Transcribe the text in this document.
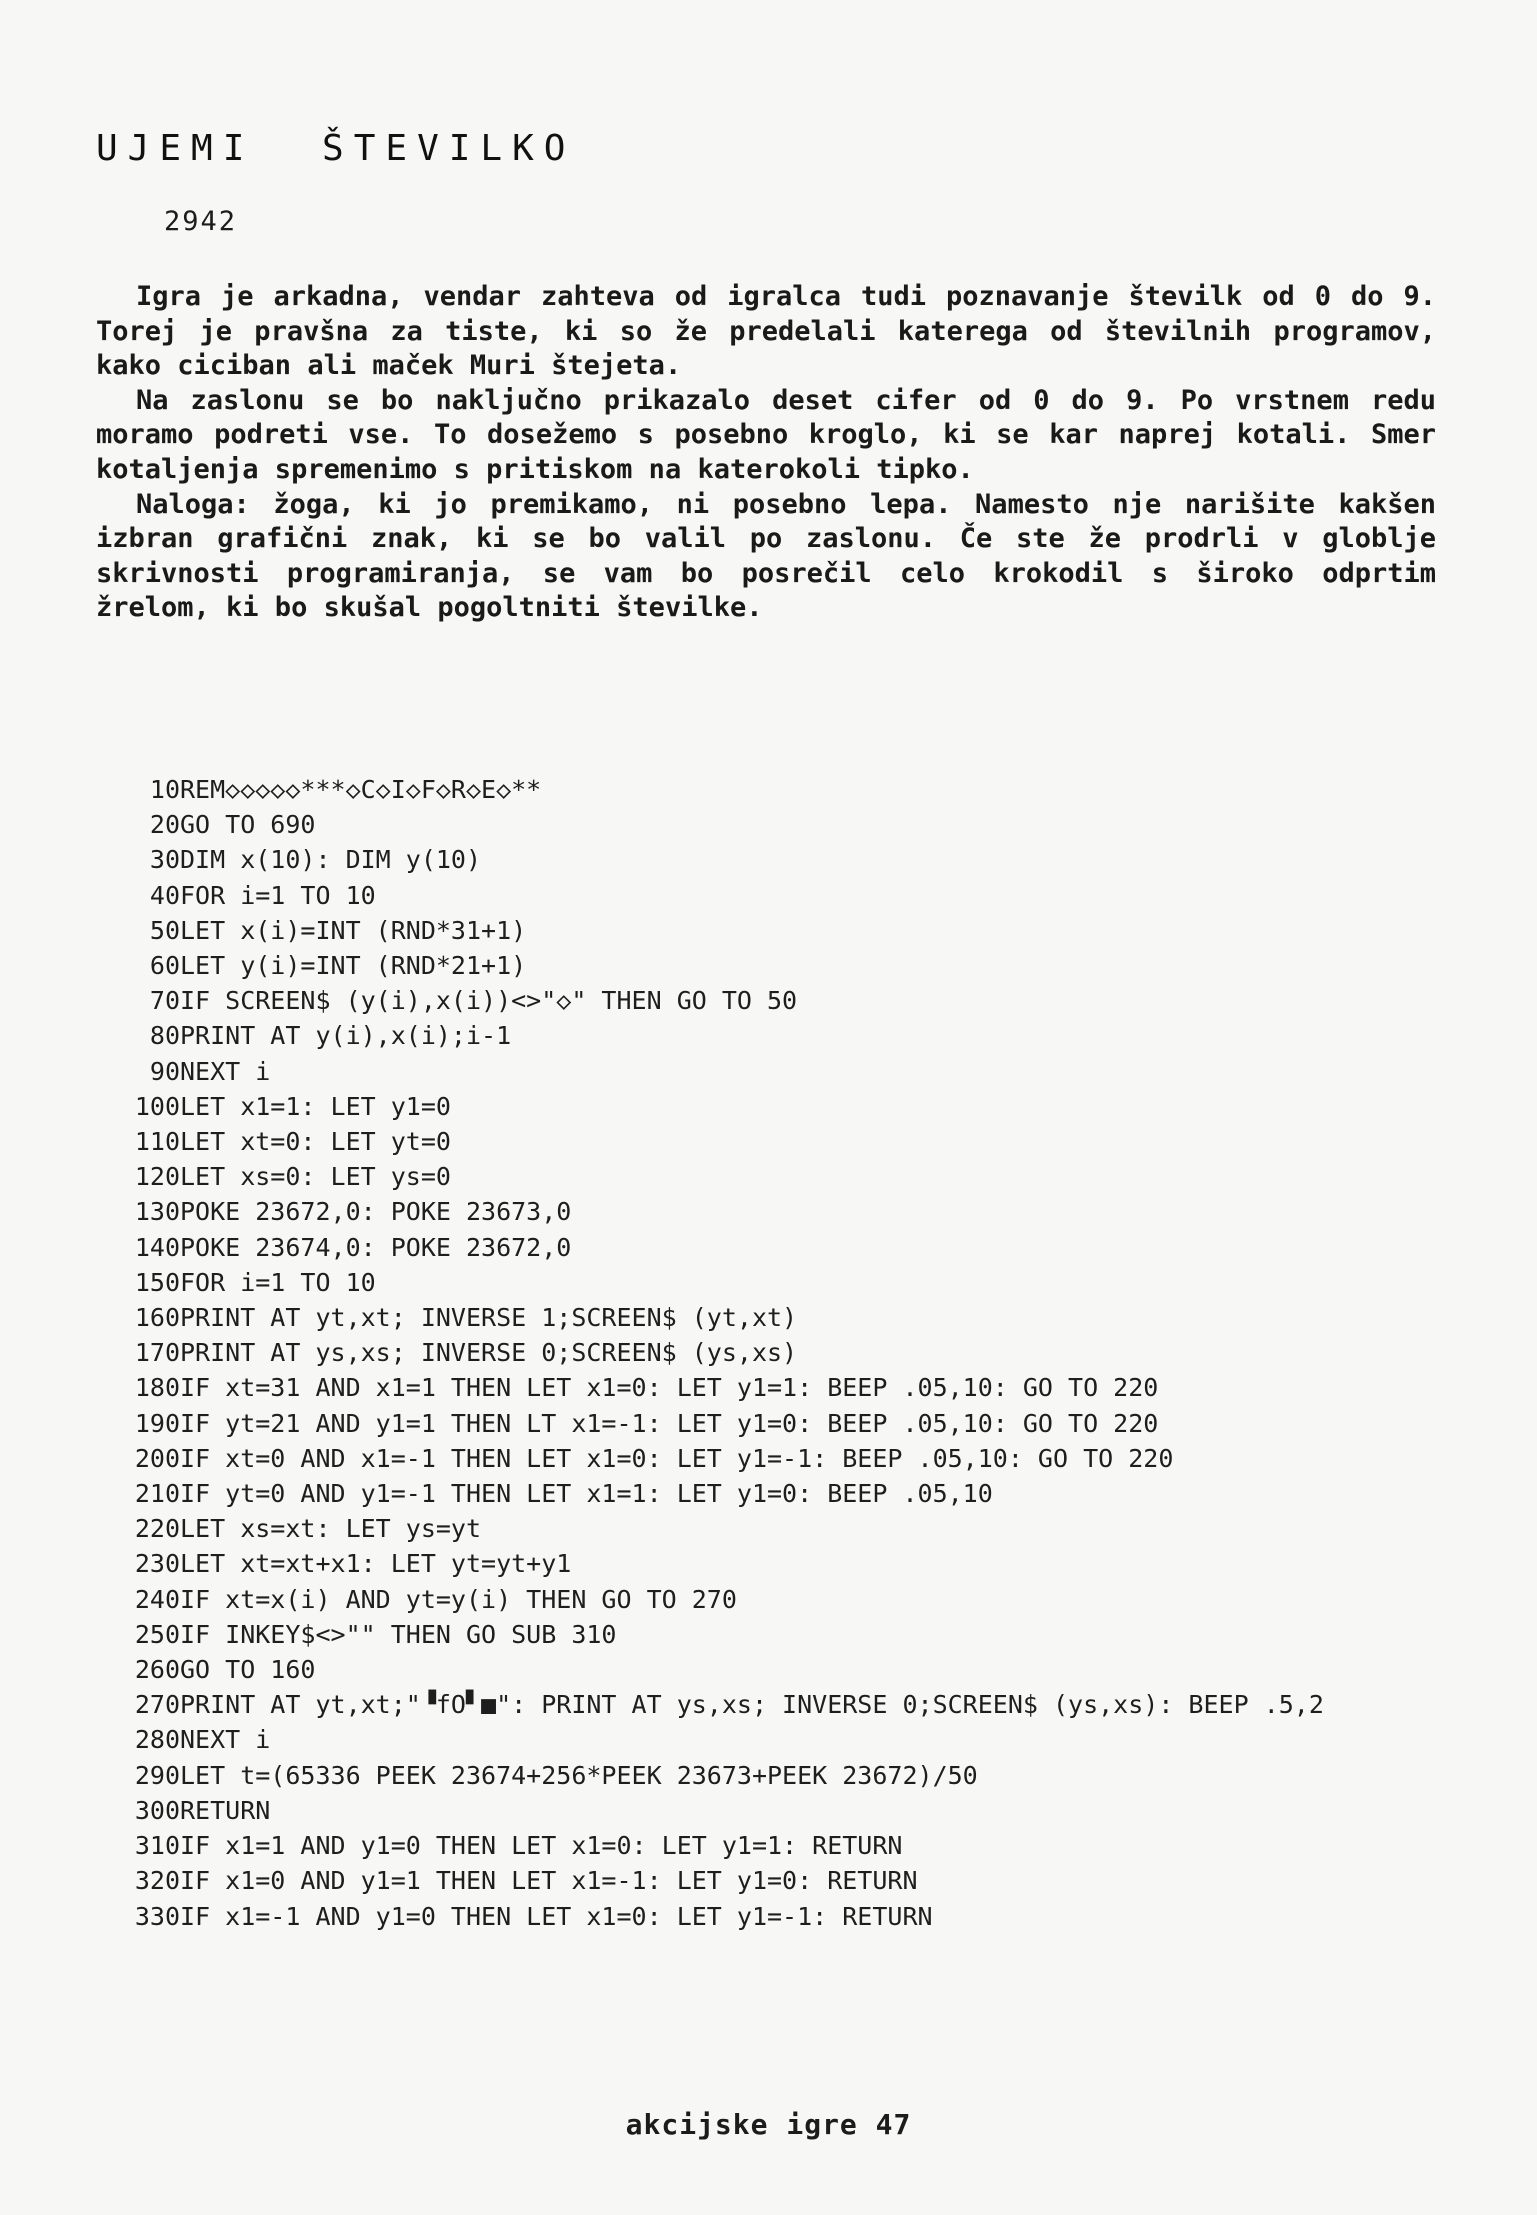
UJEMI ŠTEVILKO
2942

Igra je arkadna, vendar zahteva od igralca tudi poznavanje številk od 0 do 9. Torej je pravšna za tiste, ki so že predelali katerega od številnih programov, kako ciciban ali maček Muri štejeta.

Na zaslonu se bo naključno prikazalo deset cifer od 0 do 9. Po vrstnem redu moramo podreti vse. To dosežemo s posebno kroglo, ki se kar naprej kotali. Smer kotaljenja spremenimo s pritiskom na katerokoli tipko.

Naloga: žoga, ki jo premikamo, ni posebno lepa. Namesto nje narišite kakšen izbran grafični znak, ki se bo valil po zaslonu. Če ste že prodrli v globlje skrivnosti programiranja, se vam bo posrečil celo krokodil s široko odprtim žrelom, ki bo skušal pogoltniti številke.

10 REM◇◇◇◇◇***◇C◇I◇F◇R◇E◇**
20 GO TO 690
30 DIM x(10): DIM y(10)
40 FOR i=1 TO 10
50 LET x(i)=INT (RND*31+1)
60 LET y(i)=INT (RND*21+1)
70 IF SCREEN$ (y(i),x(i))<>"◇" THEN GO TO 50
80 PRINT AT y(i),x(i);i-1
90 NEXT i
100 LET x1=1: LET y1=0
110 LET xt=0: LET yt=0
120 LET xs=0: LET ys=0
130 POKE 23672,0: POKE 23673,0
140 POKE 23674,0: POKE 23672,0
150 FOR i=1 TO 10
160 PRINT AT yt,xt; INVERSE 1;SCREEN$ (yt,xt)
170 PRINT AT ys,xs; INVERSE 0;SCREEN$ (ys,xs)
180 IF xt=31 AND x1=1 THEN LET x1=0: LET y1=1: BEEP .05,10: GO TO 220
190 IF yt=21 AND y1=1 THEN LT x1=-1: LET y1=0: BEEP .05,10: GO TO 220
200 IF xt=0 AND x1=-1 THEN LET x1=0: LET y1=-1: BEEP .05,10: GO TO 220
210 IF yt=0 AND y1=-1 THEN LET x1=1: LET y1=0: BEEP .05,10
220 LET xs=xt: LET ys=yt
230 LET xt=xt+x1: LET yt=yt+y1
240 IF xt=x(i) AND yt=y(i) THEN GO TO 270
250 IF INKEY$<>"" THEN GO SUB 310
260 GO TO 160
270 PRINT AT yt,xt;"▝fO▘■": PRINT AT ys,xs; INVERSE 0;SCREEN$ (ys,xs): BEEP .5,2
280 NEXT i
290 LET t=(65336 PEEK 23674+256*PEEK 23673+PEEK 23672)/50
300 RETURN
310 IF x1=1 AND y1=0 THEN LET x1=0: LET y1=1: RETURN
320 IF x1=0 AND y1=1 THEN LET x1=-1: LET y1=0: RETURN
330 IF x1=-1 AND y1=0 THEN LET x1=0: LET y1=-1: RETURN
akcijske igre 47
